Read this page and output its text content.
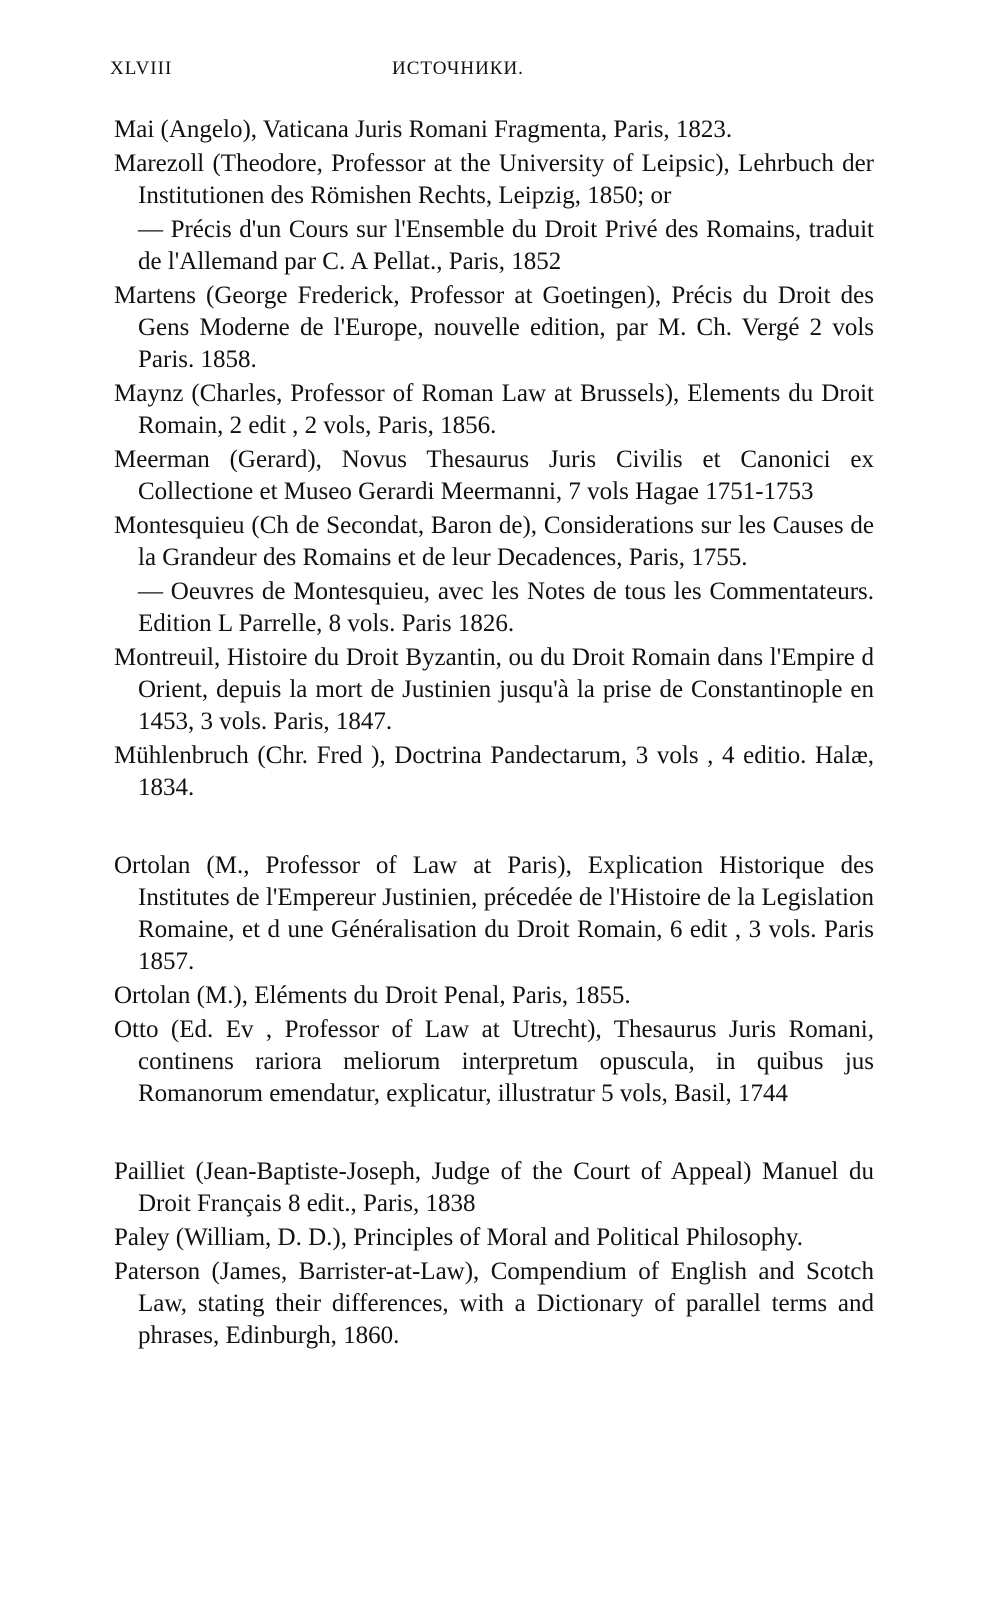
XLVIII	ИСТОЧНИКИ.

Mai (Angelo), Vaticana Juris Romani Fragmenta, Paris, 1823.

Marezoll (Theodore, Professor at the University of Leipsic), Lehrbuch der Institutionen des Römishen Rechts, Leipzig, 1850; or

— Précis d'un Cours sur l'Ensemble du Droit Privé des Romains, traduit de l'Allemand par C. A Pellat., Paris, 1852

Martens (George Frederick, Professor at Goetingen), Précis du Droit des Gens Moderne de l'Europe, nouvelle edition, par M. Ch. Vergé 2 vols Paris. 1858.

Maynz (Charles, Professor of Roman Law at Brussels), Elements du Droit Romain, 2 edit , 2 vols, Paris, 1856.

Meerman (Gerard), Novus Thesaurus Juris Civilis et Canonici ex Collectione et Museo Gerardi Meermanni, 7 vols Hagae 1751-1753

Montesquieu (Ch de Secondat, Baron de), Considerations sur les Causes de la Grandeur des Romains et de leur Decadences, Paris, 1755.

— Oeuvres de Montesquieu, avec les Notes de tous les Commentateurs. Edition L Parrelle, 8 vols. Paris 1826.

Montreuil, Histoire du Droit Byzantin, ou du Droit Romain dans l'Empire d Orient, depuis la mort de Justinien jusqu'à la prise de Constantinople en 1453, 3 vols. Paris, 1847.

Mühlenbruch (Chr. Fred ), Doctrina Pandectarum, 3 vols , 4 editio. Halæ, 1834.

Ortolan (M., Professor of Law at Paris), Explication Historique des Institutes de l'Empereur Justinien, précedée de l'Histoire de la Legislation Romaine, et d une Généralisation du Droit Romain, 6 edit , 3 vols. Paris 1857.

Ortolan (M.), Eléments du Droit Penal, Paris, 1855.

Otto (Ed. Ev , Professor of Law at Utrecht), Thesaurus Juris Romani, continens rariora meliorum interpretum opuscula, in quibus jus Romanorum emendatur, explicatur, illustratur 5 vols, Basil, 1744

Pailliet (Jean-Baptiste-Joseph, Judge of the Court of Appeal) Manuel du Droit Français 8 edit., Paris, 1838

Paley (William, D. D.), Principles of Moral and Political Philosophy.

Paterson (James, Barrister-at-Law), Compendium of English and Scotch Law, stating their differences, with a Dictionary of parallel terms and phrases, Edinburgh, 1860.
